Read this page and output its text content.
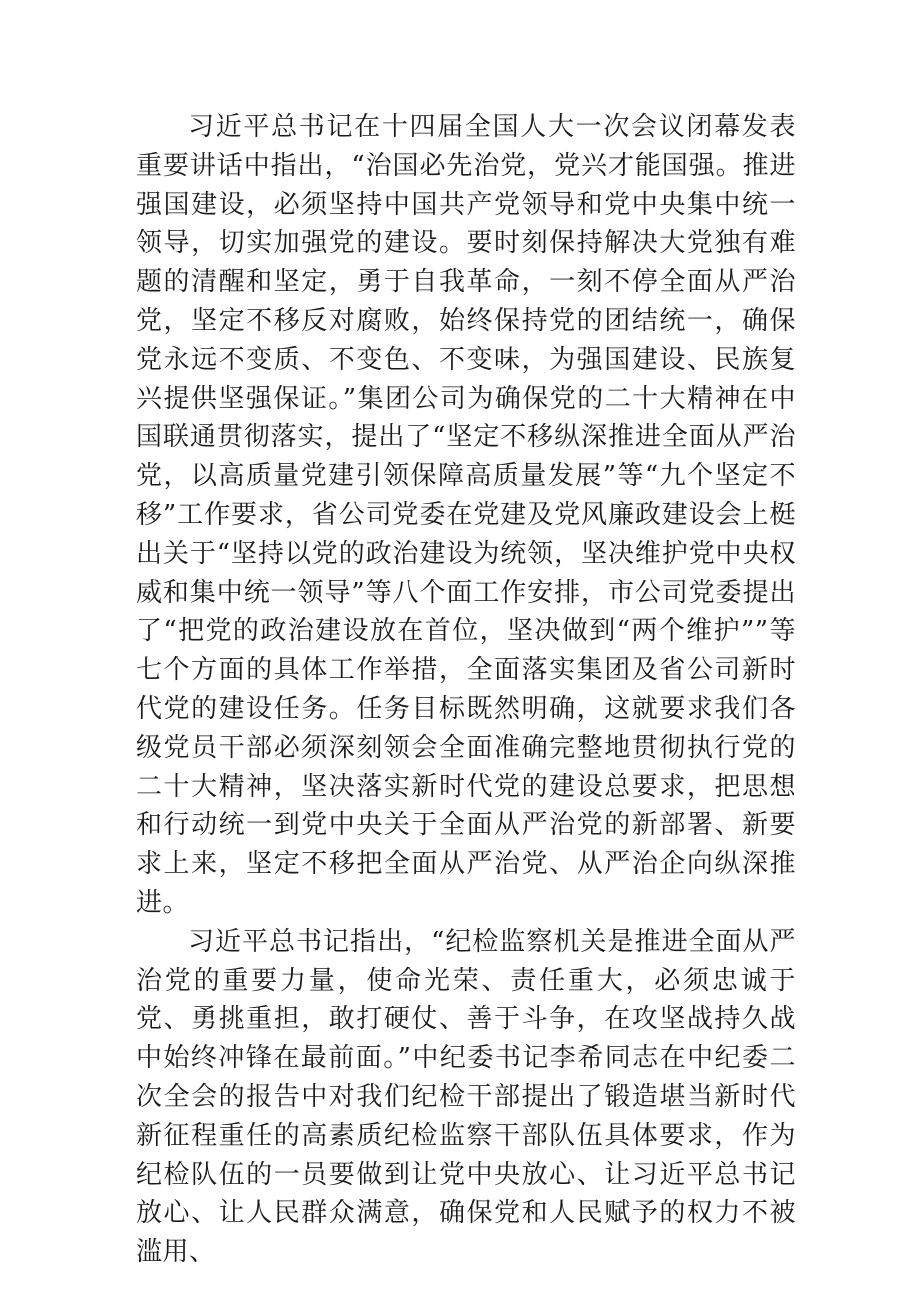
习近平总书记在十四届全国人大一次会议闭幕发表重要讲话中指出，“治国必先治党，党兴才能国强。推进强国建设，必须坚持中国共产党领导和党中央集中统一领导，切实加强党的建设。要时刻保持解决大党独有难题的清醒和坚定，勇于自我革命，一刻不停全面从严治党，坚定不移反对腐败，始终保持党的团结统一，确保党永远不变质、不变色、不变味，为强国建设、民族复兴提供坚强保证。”集团公司为确保党的二十大精神在中国联通贯彻落实，提出了“坚定不移纵深推进全面从严治党，以高质量党建引领保障高质量发展”等“九个坚定不移”工作要求，省公司党委在党建及党风廉政建设会上梃出关于“坚持以党的政治建设为统领，坚决维护党中央权威和集中统一领导”等八个面工作安排，市公司党委提出了“把党的政治建设放在首位，坚决做到“两个维护””等七个方面的具体工作举措，全面落实集团及省公司新时代党的建设任务。任务目标既然明确，这就要求我们各级党员干部必须深刻领会全面准确完整地贯彻执行党的二十大精神，坚决落实新时代党的建设总要求，把思想和行动统一到党中央关于全面从严治党的新部署、新要求上来，坚定不移把全面从严治党、从严治企向纵深推进。

习近平总书记指出，“纪检监察机关是推进全面从严治党的重要力量，使命光荣、责任重大，必须忠诚于党、勇挑重担，敢打硬仗、善于斗争，在攻坚战持久战中始终冲锋在最前面。”中纪委书记李希同志在中纪委二次全会的报告中对我们纪检干部提出了锻造堪当新时代新征程重任的高素质纪检监察干部队伍具体要求，作为纪检队伍的一员要做到让党中央放心、让习近平总书记放心、让人民群众满意，确保党和人民赋予的权力不被滥用、
